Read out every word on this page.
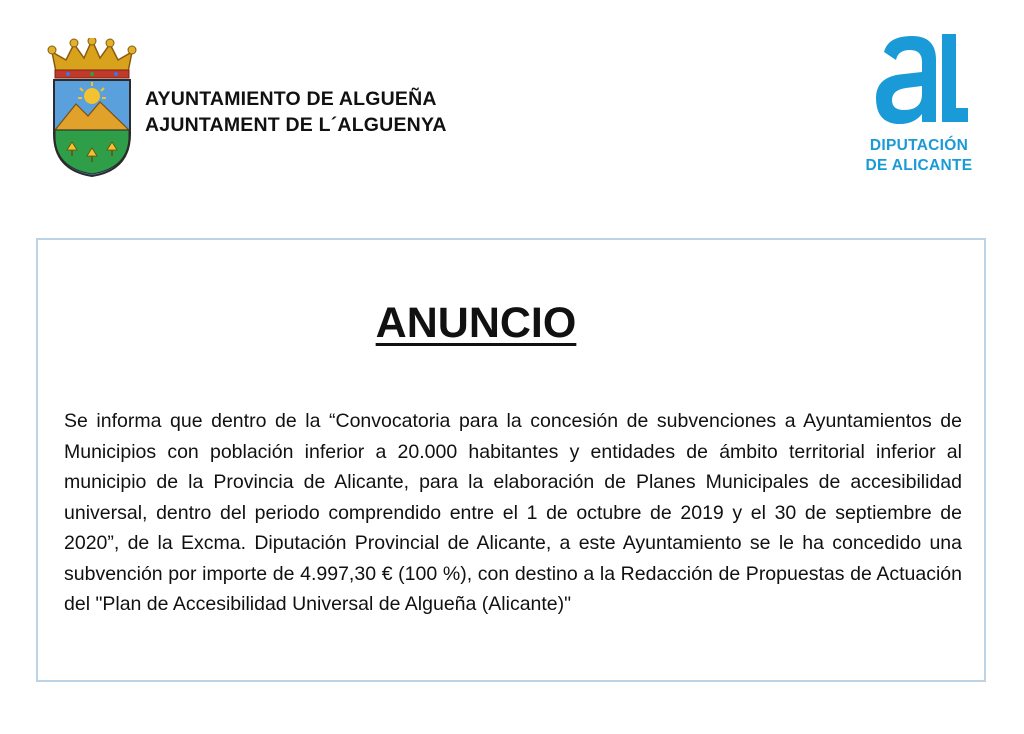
AYUNTAMIENTO DE ALGUEÑA
AJUNTAMENT DE L´ALGUENYA
DIPUTACIÓN
DE ALICANTE
ANUNCIO

Se informa que dentro de la “Convocatoria para la concesión de subvenciones a Ayuntamientos de Municipios con población inferior a 20.000 habitantes y entidades de ámbito territorial inferior al municipio de la Provincia de Alicante, para la elaboración de Planes Municipales de accesibilidad universal, dentro del periodo comprendido entre el 1 de octubre de 2019 y el 30 de septiembre de 2020”, de la Excma. Diputación Provincial de Alicante, a este Ayuntamiento se le ha concedido una subvención por importe de 4.997,30 € (100 %), con destino a la Redacción de Propuestas de Actuación del "Plan de Accesibilidad Universal de Algueña (Alicante)"
